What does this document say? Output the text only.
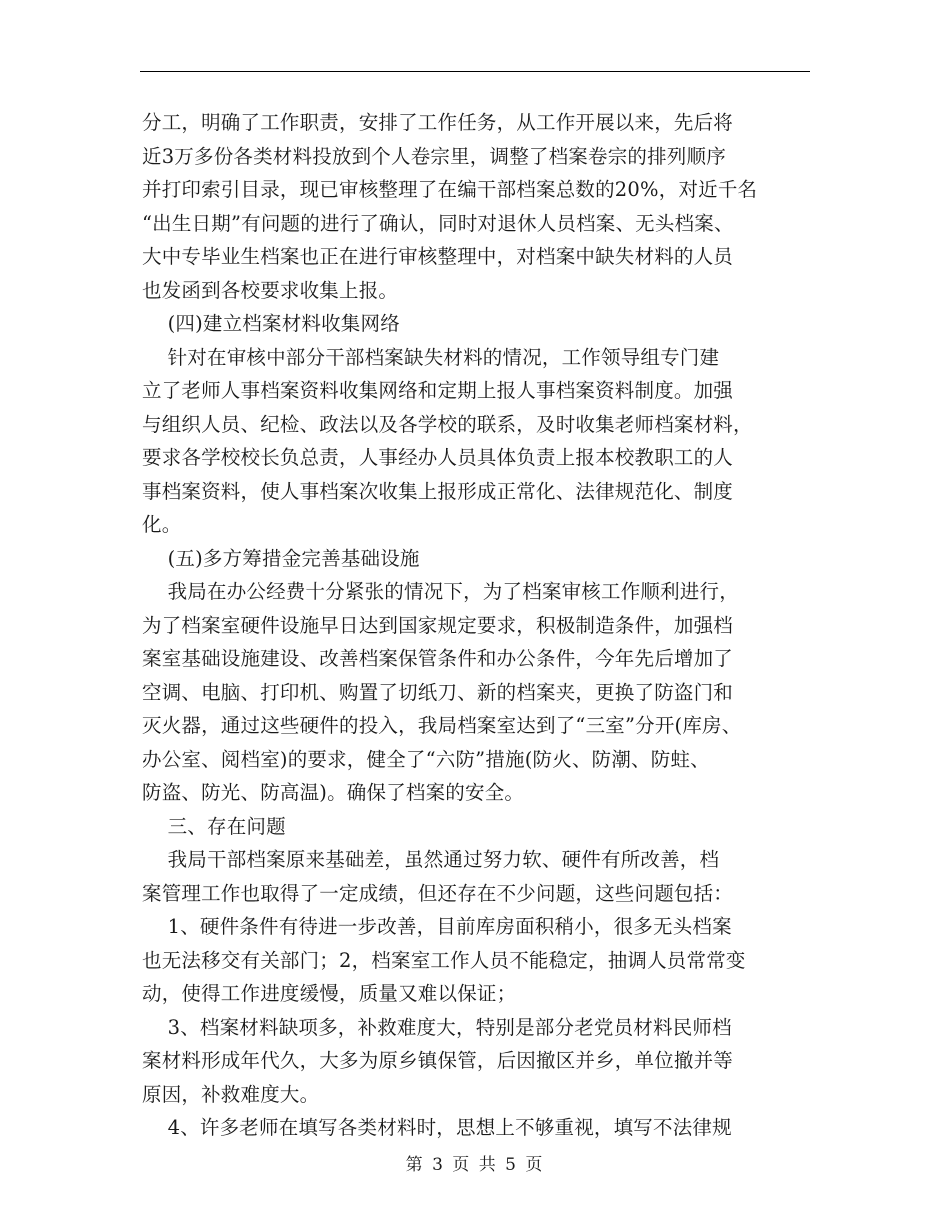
分工，明确了工作职责，安排了工作任务，从工作开展以来，先后将
近3万多份各类材料投放到个人卷宗里，调整了档案卷宗的排列顺序
并打印索引目录，现已审核整理了在编干部档案总数的20%，对近千名
“出生日期”有问题的进行了确认，同时对退休人员档案、无头档案、
大中专毕业生档案也正在进行审核整理中，对档案中缺失材料的人员
也发函到各校要求收集上报。
(四)建立档案材料收集网络
针对在审核中部分干部档案缺失材料的情况，工作领导组专门建
立了老师人事档案资料收集网络和定期上报人事档案资料制度。加强
与组织人员、纪检、政法以及各学校的联系，及时收集老师档案材料，
要求各学校校长负总责，人事经办人员具体负责上报本校教职工的人
事档案资料，使人事档案次收集上报形成正常化、法律规范化、制度
化。
(五)多方筹措金完善基础设施
我局在办公经费十分紧张的情况下，为了档案审核工作顺利进行，
为了档案室硬件设施早日达到国家规定要求，积极制造条件，加强档
案室基础设施建设、改善档案保管条件和办公条件，今年先后增加了
空调、电脑、打印机、购置了切纸刀、新的档案夹，更换了防盗门和
灭火器，通过这些硬件的投入，我局档案室达到了“三室”分开(库房、
办公室、阅档室)的要求，健全了“六防”措施(防火、防潮、防蛀、
防盗、防光、防高温)。确保了档案的安全。
三、存在问题
我局干部档案原来基础差，虽然通过努力软、硬件有所改善，档
案管理工作也取得了一定成绩，但还存在不少问题，这些问题包括：
1、硬件条件有待进一步改善，目前库房面积稍小，很多无头档案
也无法移交有关部门；2，档案室工作人员不能稳定，抽调人员常常变
动，使得工作进度缓慢，质量又难以保证；
3、档案材料缺项多，补救难度大，特别是部分老党员材料民师档
案材料形成年代久，大多为原乡镇保管，后因撤区并乡，单位撤并等
原因，补救难度大。
4、许多老师在填写各类材料时，思想上不够重视，填写不法律规
第 3 页 共 5 页
